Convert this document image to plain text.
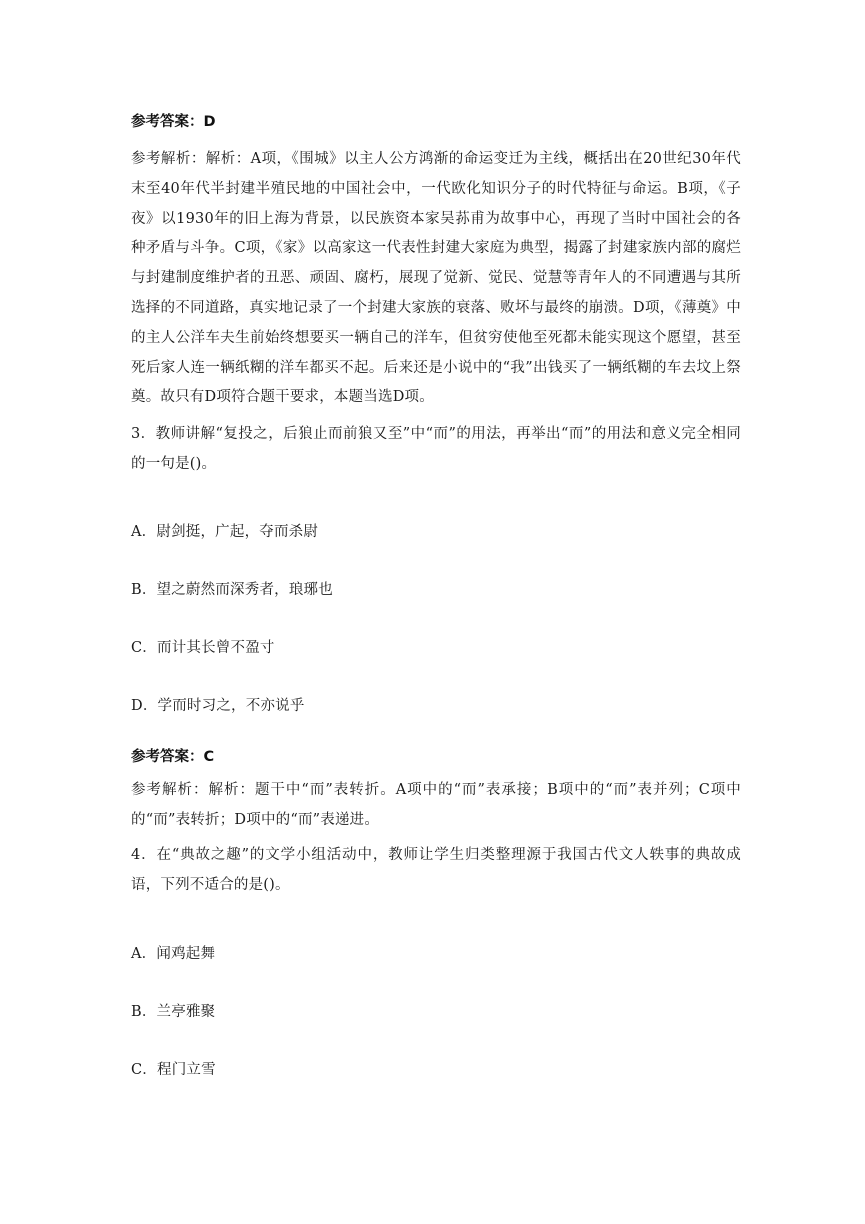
参考答案：D

参考解析：解析：A项，《围城》以主人公方鸿渐的命运变迁为主线，概括出在20世纪30年代末至40年代半封建半殖民地的中国社会中，一代欧化知识分子的时代特征与命运。B项，《子夜》以1930年的旧上海为背景，以民族资本家吴荪甫为故事中心，再现了当时中国社会的各种矛盾与斗争。C项，《家》以高家这一代表性封建大家庭为典型，揭露了封建家族内部的腐烂与封建制度维护者的丑恶、顽固、腐朽，展现了觉新、觉民、觉慧等青年人的不同遭遇与其所选择的不同道路，真实地记录了一个封建大家族的衰落、败坏与最终的崩溃。D项，《薄奠》中的主人公洋车夫生前始终想要买一辆自己的洋车，但贫穷使他至死都未能实现这个愿望，甚至死后家人连一辆纸糊的洋车都买不起。后来还是小说中的“我”出钱买了一辆纸糊的车去坟上祭奠。故只有D项符合题干要求，本题当选D项。

3．教师讲解“复投之，后狼止而前狼又至”中“而”的用法，再举出“而”的用法和意义完全相同的一句是()。

A．尉剑挺，广起，夺而杀尉

B．望之蔚然而深秀者，琅琊也

C．而计其长曾不盈寸

D．学而时习之，不亦说乎

参考答案：C

参考解析：解析：题干中“而”表转折。A项中的“而”表承接；B项中的“而”表并列；C项中的“而”表转折；D项中的“而”表递进。

4．在“典故之趣”的文学小组活动中，教师让学生归类整理源于我国古代文人轶事的典故成语，下列不适合的是()。

A．闻鸡起舞

B．兰亭雅聚

C．程门立雪
